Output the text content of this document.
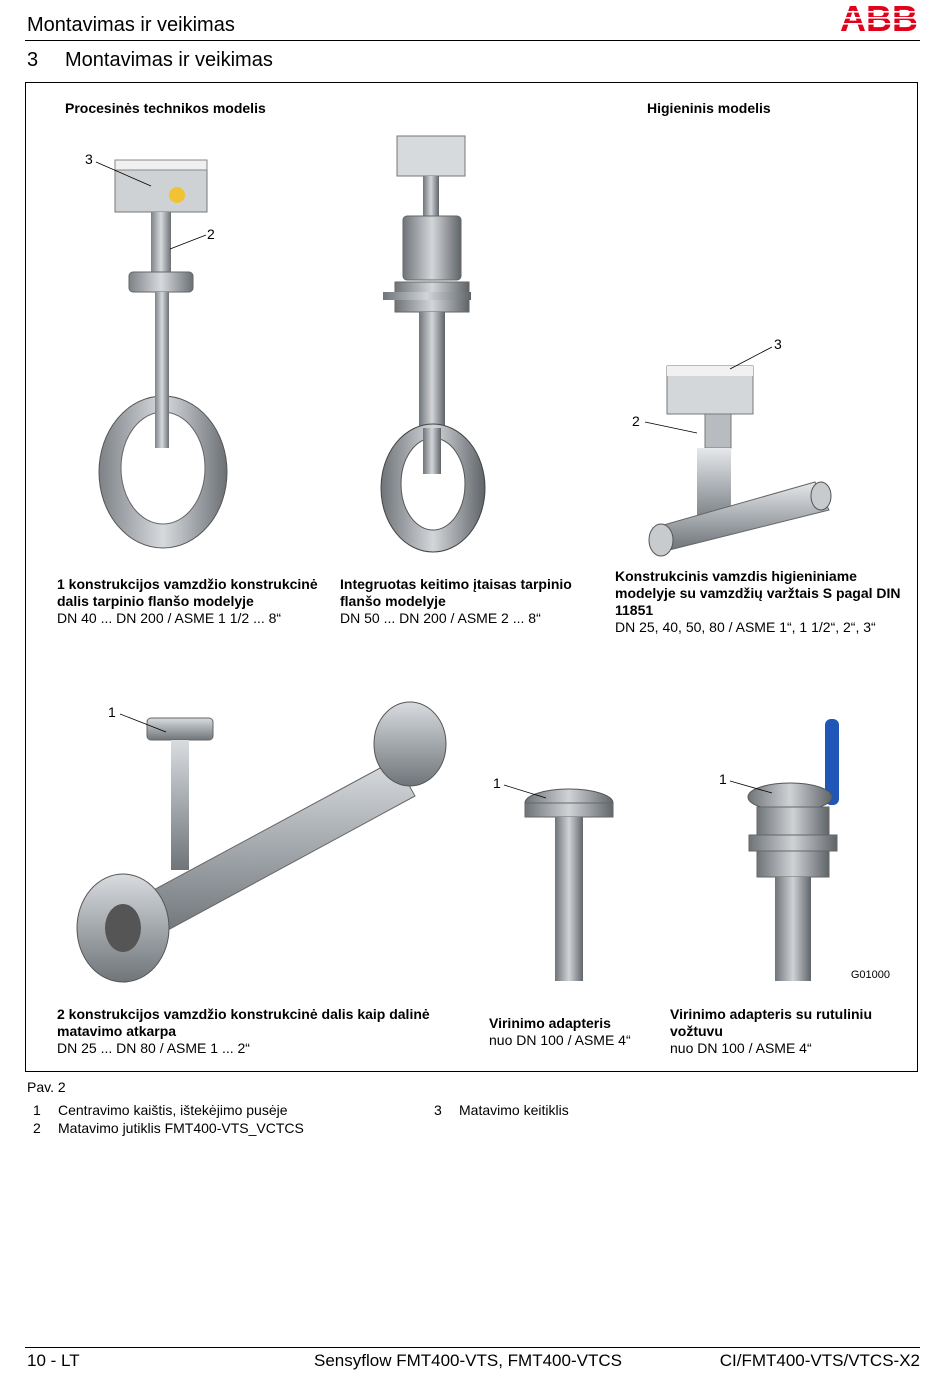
Montavimas ir veikimas
3 Montavimas ir veikimas
Procesinės technikos modelis	Higieninis modelis
3
2
3
2
1 konstrukcijos vamzdžio konstrukcinė dalis tarpinio flanšo modelyje
DN 40 ... DN 200 / ASME 1 1/2 ... 8“
Integruotas keitimo įtaisas tarpinio flanšo modelyje
DN 50 ... DN 200 / ASME 2 ... 8“
Konstrukcinis vamzdis higieniniame modelyje su vamzdžių varžtais S pagal DIN 11851
DN 25, 40, 50, 80 / ASME 1“, 1 1/2“, 2“, 3“
1
1	1
G01000
2 konstrukcijos vamzdžio konstrukcinė dalis kaip dalinė matavimo atkarpa
DN 25 ... DN 80 / ASME 1 ... 2“
Virinimo adapteris
nuo DN 100 / ASME 4“
Virinimo adapteris su rutuliniu vožtuvu
nuo DN 100 / ASME 4“
Pav. 2
1 Centravimo kaištis, ištekėjimo pusėje
2 Matavimo jutiklis FMT400-VTS_VCTCS
3 Matavimo keitiklis
10 - LT	Sensyflow FMT400-VTS, FMT400-VTCS	CI/FMT400-VTS/VTCS-X2
